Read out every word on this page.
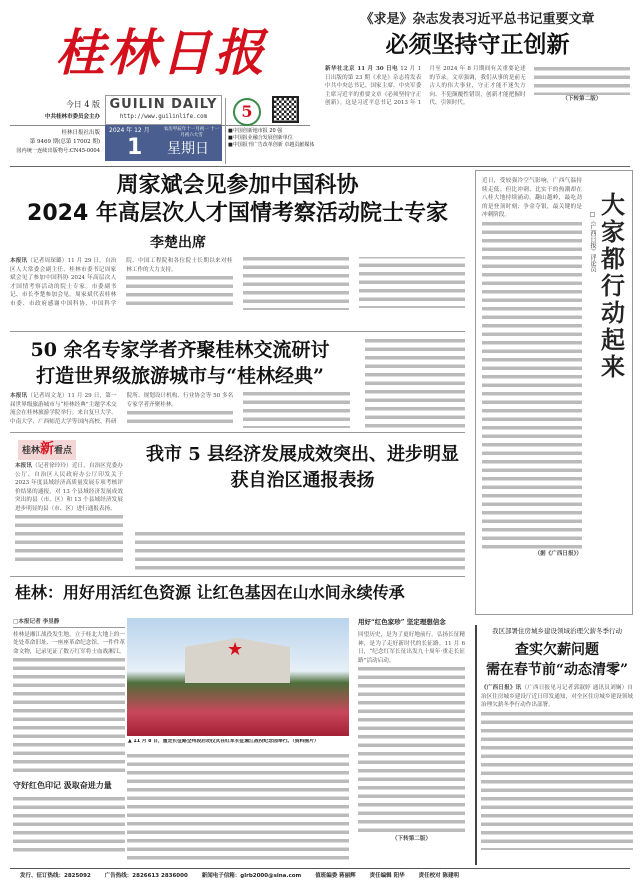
桂林日报
今日 4 版
中共桂林市委员会主办
桂林日报社出版
第 9469 期(总第 17002 期)
国内统一连续出版物号:CN45-0004
GUILIN DAILY
http://www.guilinlife.com
2024 年 12 月
1
农历甲辰年十一月初一 十一月初六大雪
星期日
5
■中国创新地市报 20 强
■中国报业融合发展创新单位
■中国报刊广告改革创新 卓越贡献媒体
《求是》杂志发表习近平总书记重要文章
必须坚持守正创新
新华社北京 11 月 30 日电 12 月 1 日出版的第 23 期《求是》杂志将发表中共中央总书记、国家主席、中央军委主席习近平的重要文章《必须坚持守正创新》。这是习近平总书记 2013 年 1 月至 2024 年 8 月期间有关重要论述的节录。文章强调，我们从事的是前无古人的伟大事业，守正才能不迷失方向、不犯颠覆性错误，创新才能把握时代、引领时代。
（下转第二版）
周家斌会见参加中国科协
2024 年高层次人才国情考察活动院士专家
李楚出席
本报讯（记者周琛璐）11 月 29 日，自治区人大常委会副主任、桂林市委书记周家斌会见了参加中国科协 2024 年高层次人才国情考察活动的院士专家。市委副书记、市长李楚参加会见。周家斌代表桂林市委、市政府感谢中国科协、中国科学院、中国工程院和各位院士长期以来对桂林工作的大力支持。
50 余名专家学者齐聚桂林交流研讨
打造世界级旅游城市与“桂林经典”
本报讯（记者周文龙）11 月 29 日，第一届世界级旅游城市与“桂林经典”主题学术交流会在桂林旅游学院举行。来自复旦大学、中南大学、广西师范大学等国内高校、科研院所、规划设计机构、行业协会等 50 多名专家学者齐聚桂林。
桂林新看点
本报讯（记者徐玲玲）近日，自治区党委办公厅、自治区人民政府办公厅印发关于 2023 年度县域经济高质量发展专项考核评价结果的通报，对 13 个县域经济发展成效突出的县（市、区）和 13 个县域经济发展进步明显的县（市、区）进行通报表扬。
我市 5 县经济发展成效突出、进步明显
获自治区通报表扬
桂林：用好用活红色资源 让红色基因在山水间永续传承
□本报记者 李昱静
桂林是湘江战役发生地。立于桂北大地上的一处处革命旧址、一座座革命纪念馆、一件件革命文物，记录见证了数万红军将士血战湘江。
守好红色印记 汲取奋进力量
★
▲ 11 月 8 日，重走长征路全州段启动仪式在红军长征湘江战役纪念园举行。（资料图片）
用好“红色家珍” 坚定理想信念
回望历史，是为了更好地前行。弘扬长征精神，是为了走好新时代的长征路。11 月 6 日，“纪念红军长征出发九十周年·重走长征路”活动启动。
（下转第二版）
近日，受较强冷空气影响，广西气温持续走低。但比冲刺、比实干的热潮却在八桂大地持续涌动。翻山越岭，最吃劲的是登顶时刻；争金夺银，最关键的是冲刺阶段。
（据《广西日报》）
大家都行动起来
□《广西日报》评论员
我区部署住房城乡建设领域治理欠薪冬季行动
查实欠薪问题
需在春节前“动态清零”
《广西日报》讯（广西日报见习记者郭淑婷 通讯员刘娴）自治区住房城乡建设厅近日印发通知，对全区住房城乡建设领域治理欠薪冬季行动作出部署。
发行、征订热线：2825092	广告热线：2826613 2836000	新闻电子信箱：glrb2000@sina.com	值班编委 蒋丽辉	责任编辑 阳华	责任校对 陈建明
